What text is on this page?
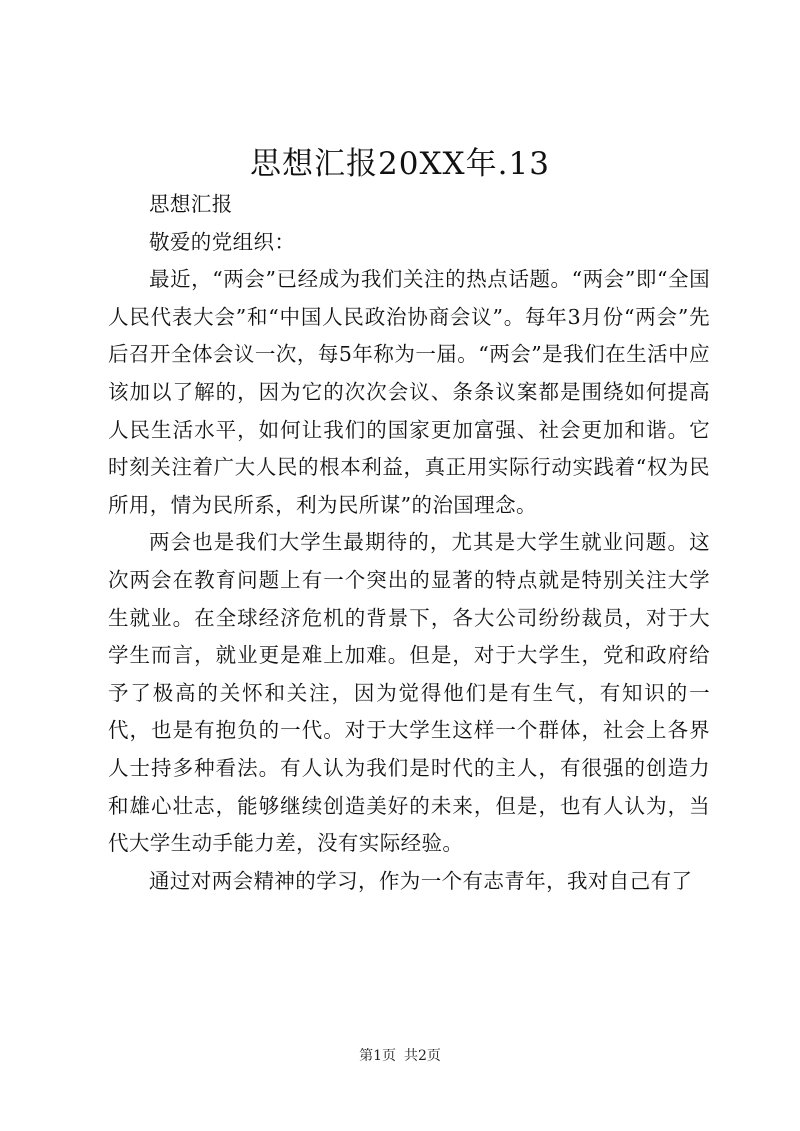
思想汇报20XX年.13

思想汇报

敬爱的党组织：

最近，“两会”已经成为我们关注的热点话题。“两会”即“全国人民代表大会”和“中国人民政治协商会议”。每年3月份“两会”先后召开全体会议一次，每5年称为一届。“两会”是我们在生活中应该加以了解的，因为它的次次会议、条条议案都是围绕如何提高人民生活水平，如何让我们的国家更加富强、社会更加和谐。它时刻关注着广大人民的根本利益，真正用实际行动实践着“权为民所用，情为民所系，利为民所谋”的治国理念。

两会也是我们大学生最期待的，尤其是大学生就业问题。这次两会在教育问题上有一个突出的显著的特点就是特别关注大学生就业。在全球经济危机的背景下，各大公司纷纷裁员，对于大学生而言，就业更是难上加难。但是，对于大学生，党和政府给予了极高的关怀和关注，因为觉得他们是有生气，有知识的一代，也是有抱负的一代。对于大学生这样一个群体，社会上各界人士持多种看法。有人认为我们是时代的主人，有很强的创造力和雄心壮志，能够继续创造美好的未来，但是，也有人认为，当代大学生动手能力差，没有实际经验。

通过对两会精神的学习，作为一个有志青年，我对自己有了

第1页 共2页
